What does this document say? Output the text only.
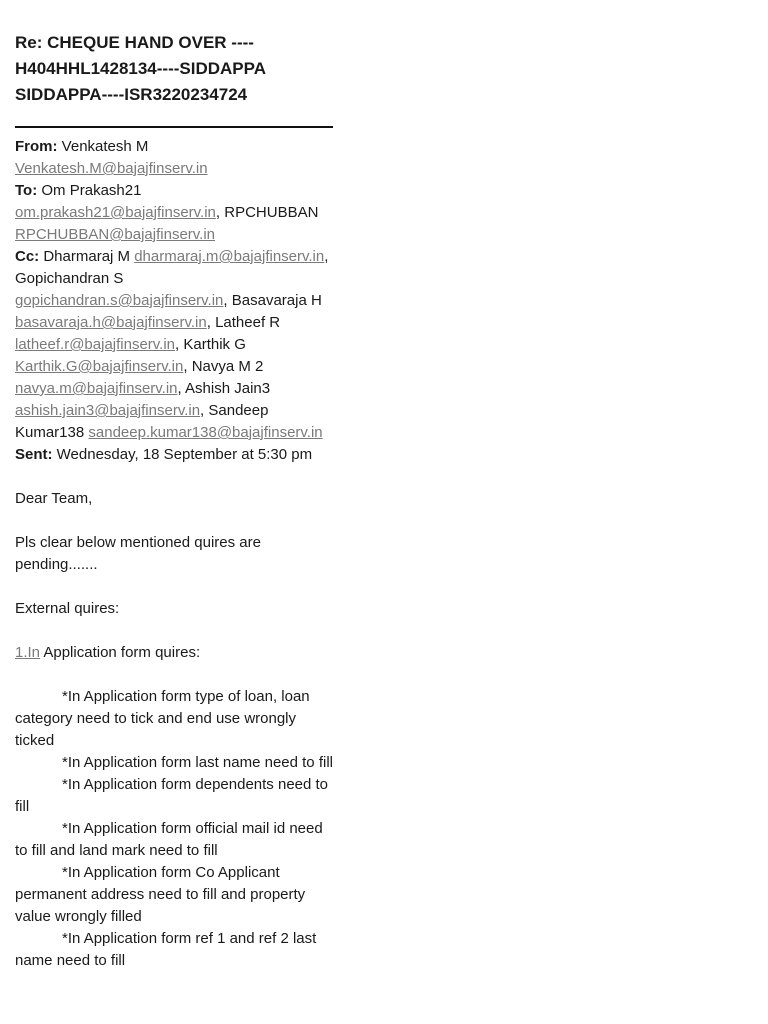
Re: CHEQUE HAND OVER ----H404HHL1428134----SIDDAPPA SIDDAPPA----ISR3220234724
From: Venkatesh M Venkatesh.M@bajajfinserv.in
To: Om Prakash21 om.prakash21@bajajfinserv.in, RPCHUBBAN RPCHUBBAN@bajajfinserv.in
Cc: Dharmaraj M dharmaraj.m@bajajfinserv.in, Gopichandran S gopichandran.s@bajajfinserv.in, Basavaraja H basavaraja.h@bajajfinserv.in, Latheef R latheef.r@bajajfinserv.in, Karthik G Karthik.G@bajajfinserv.in, Navya M 2 navya.m@bajajfinserv.in, Ashish Jain3 ashish.jain3@bajajfinserv.in, Sandeep Kumar138 sandeep.kumar138@bajajfinserv.in
Sent: Wednesday, 18 September at 5:30 pm
Dear Team,
Pls clear below mentioned quires are pending.......
External quires:
1.In Application form quires:
*In Application form type of loan, loan category need to tick and end use wrongly ticked
*In Application form last name need to fill
*In Application form dependents need to fill
*In Application form official mail id need to fill and land mark need to fill
*In Application form Co Applicant permanent address need to fill and property value wrongly filled
*In Application form ref 1 and ref 2 last name need to fill
